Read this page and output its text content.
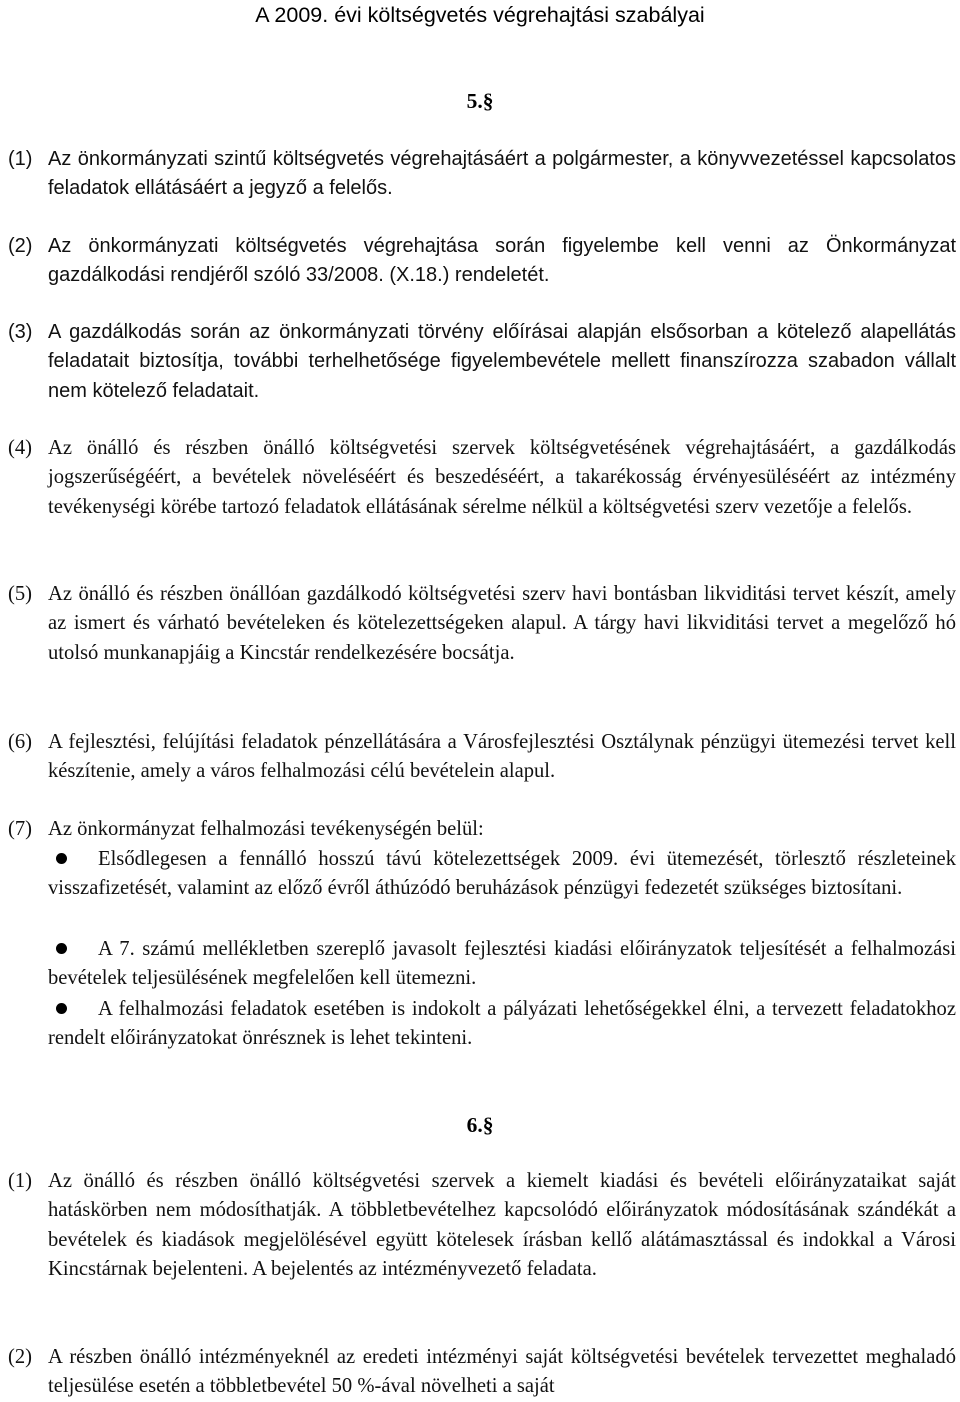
A 2009. évi költségvetés végrehajtási szabályai
5.§
(1) Az önkormányzati szintű költségvetés végrehajtásáért a polgármester, a könyvvezetéssel kapcsolatos feladatok ellátásáért a jegyző a felelős.
(2) Az önkormányzati költségvetés végrehajtása során figyelembe kell venni az Önkormányzat gazdálkodási rendjéről szóló 33/2008. (X.18.) rendeletét.
(3) A gazdálkodás során az önkormányzati törvény előírásai alapján elsősorban a kötelező alapellátás feladatait biztosítja, további terhelhetősége figyelembevétele mellett finanszírozza szabadon vállalt nem kötelező feladatait.
(4) Az önálló és részben önálló költségvetési szervek költségvetésének végrehajtásáért, a gazdálkodás jogszerűségéért, a bevételek növeléséért és beszedéséért, a takarékosság érvényesüléséért az intézmény tevékenységi körébe tartozó feladatok ellátásának sérelme nélkül a költségvetési szerv vezetője a felelős.
(5) Az önálló és részben önállóan gazdálkodó költségvetési szerv havi bontásban likviditási tervet készít, amely az ismert és várható bevételeken és kötelezettségeken alapul. A tárgy havi likviditási tervet a megelőző hó utolsó munkanapjáig a Kincstár rendelkezésére bocsátja.
(6) A fejlesztési, felújítási feladatok pénzellátására a Városfejlesztési Osztálynak pénzügyi ütemezési tervet kell készítenie, amely a város felhalmozási célú bevételein alapul.
(7) Az önkormányzat felhalmozási tevékenységén belül:
Elsődlegesen a fennálló hosszú távú kötelezettségek 2009. évi ütemezését, törlesztő részleteinek visszafizetését, valamint az előző évről áthúzódó beruházások pénzügyi fedezetét szükséges biztosítani.
A 7. számú mellékletben szereplő javasolt fejlesztési kiadási előirányzatok teljesítését a felhalmozási bevételek teljesülésének megfelelően kell ütemezni.
A felhalmozási feladatok esetében is indokolt a pályázati lehetőségekkel élni, a tervezett feladatokhoz rendelt előirányzatokat önrésznek is lehet tekinteni.
6.§
(1) Az önálló és részben önálló költségvetési szervek a kiemelt kiadási és bevételi előirányzataikat saját hatáskörben nem módosíthatják. A többletbevételhez kapcsolódó előirányzatok módosításának szándékát a bevételek és kiadások megjelölésével együtt kötelesek írásban kellő alátámasztással és indokkal a Városi Kincstárnak bejelenteni. A bejelentés az intézményvezető feladata.
(2) A részben önálló intézményeknél az eredeti intézményi saját költségvetési bevételek tervezettet meghaladó teljesülése esetén a többletbevétel 50 %-ával növelheti a saját
